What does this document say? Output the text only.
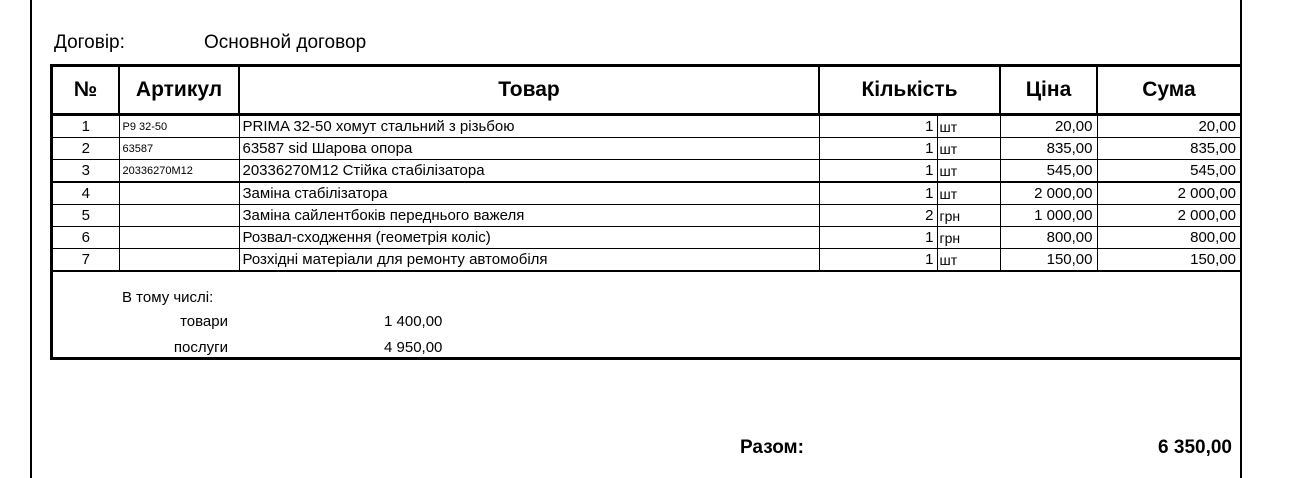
Договір:	Основной договор
№	Артикул	Товар	Кількість		Ціна	Сума
1	P9 32-50	PRIMA 32-50 хомут стальний з різьбою	1	шт	20,00	20,00
2	63587	63587 sid Шарова опора	1	шт	835,00	835,00
3	20336270M12	20336270M12 Стійка стабілізатора	1	шт	545,00	545,00
4		Заміна стабілізатора	1	шт	2 000,00	2 000,00
5		Заміна сайлентбоків переднього важеля	2	грн	1 000,00	2 000,00
6		Розвал-сходження (геометрія коліс)	1	грн	800,00	800,00
7		Розхідні матеріали для ремонту автомобіля	1	шт	150,00	150,00
В тому числі:
товари	1 400,00
послуги	4 950,00
Разом:	6 350,00
